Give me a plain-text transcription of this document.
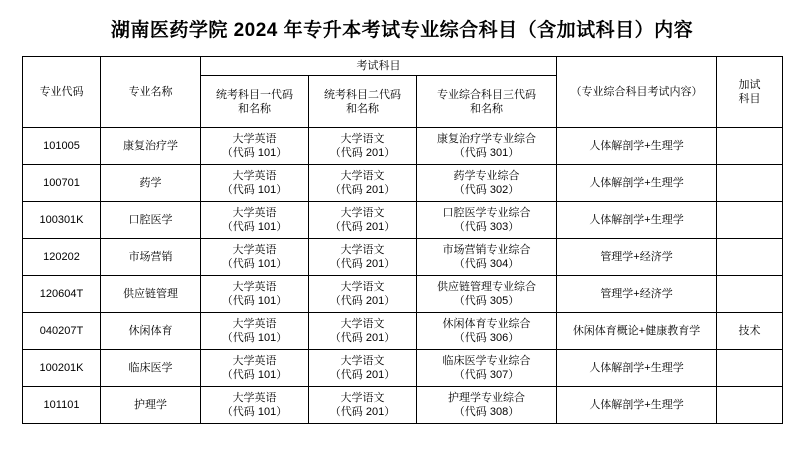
湖南医药学院 2024 年专升本考试专业综合科目（含加试科目）内容
专业代码	专业名称	考试科目			（专业综合科目考试内容）	加试
科目

		统考科目一代码
和名称	统考科目二代码
和名称	专业综合科目三代码
和名称		

101005	康复治疗学	大学英语
（代码 101）	大学语文
（代码 201）	康复治疗学专业综合
（代码 301）	人体解剖学+生理学	
100701	药学	大学英语
（代码 101）	大学语文
（代码 201）	药学专业综合
（代码 302）	人体解剖学+生理学	
100301K	口腔医学	大学英语
（代码 101）	大学语文
（代码 201）	口腔医学专业综合
（代码 303）	人体解剖学+生理学	
120202	市场营销	大学英语
（代码 101）	大学语文
（代码 201）	市场营销专业综合
（代码 304）	管理学+经济学	
120604T	供应链管理	大学英语
（代码 101）	大学语文
（代码 201）	供应链管理专业综合
（代码 305）	管理学+经济学	
040207T	休闲体育	大学英语
（代码 101）	大学语文
（代码 201）	休闲体育专业综合
（代码 306）	休闲体育概论+健康教育学	技术
100201K	临床医学	大学英语
（代码 101）	大学语文
（代码 201）	临床医学专业综合
（代码 307）	人体解剖学+生理学	
101101	护理学	大学英语
（代码 101）	大学语文
（代码 201）	护理学专业综合
（代码 308）	人体解剖学+生理学	
